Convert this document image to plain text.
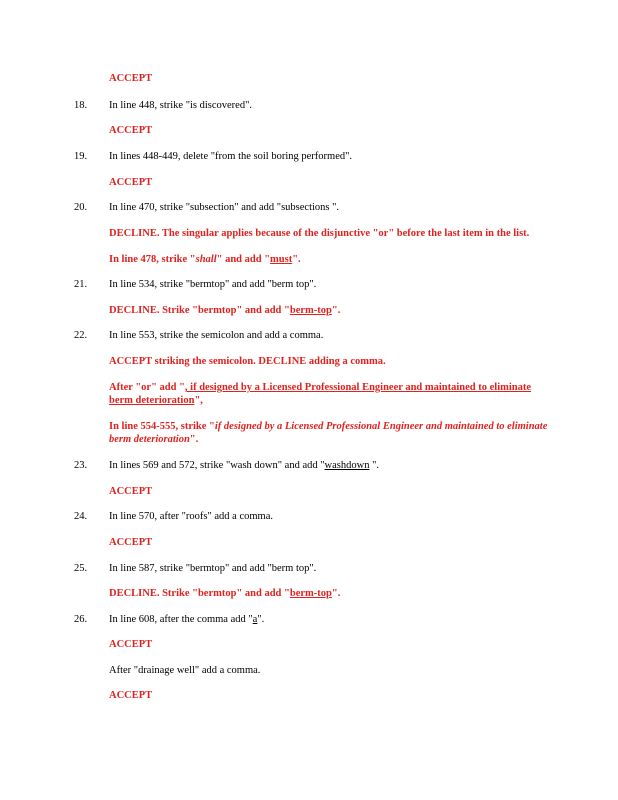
ACCEPT
18. In line 448, strike "is discovered".
ACCEPT
19. In lines 448-449, delete "from the soil boring performed".
ACCEPT
20. In line 470, strike "subsection" and add "subsections ".
DECLINE. The singular applies because of the disjunctive "or" before the last item in the list.
In line 478, strike "shall" and add "must".
21. In line 534, strike "bermtop" and add "berm top".
DECLINE. Strike "bermtop" and add "berm-top".
22. In line 553, strike the semicolon and add a comma.
ACCEPT striking the semicolon. DECLINE adding a comma.
After "or" add ", if designed by a Licensed Professional Engineer and maintained to eliminate berm deterioration",
In line 554-555, strike "if designed by a Licensed Professional Engineer and maintained to eliminate berm deterioration".
23. In lines 569 and 572, strike "wash down" and add "washdown ".
ACCEPT
24. In line 570, after "roofs" add a comma.
ACCEPT
25. In line 587, strike "bermtop" and add "berm top".
DECLINE. Strike "bermtop" and add "berm-top".
26. In line 608, after the comma add "a".
ACCEPT
After "drainage well" add a comma.
ACCEPT
